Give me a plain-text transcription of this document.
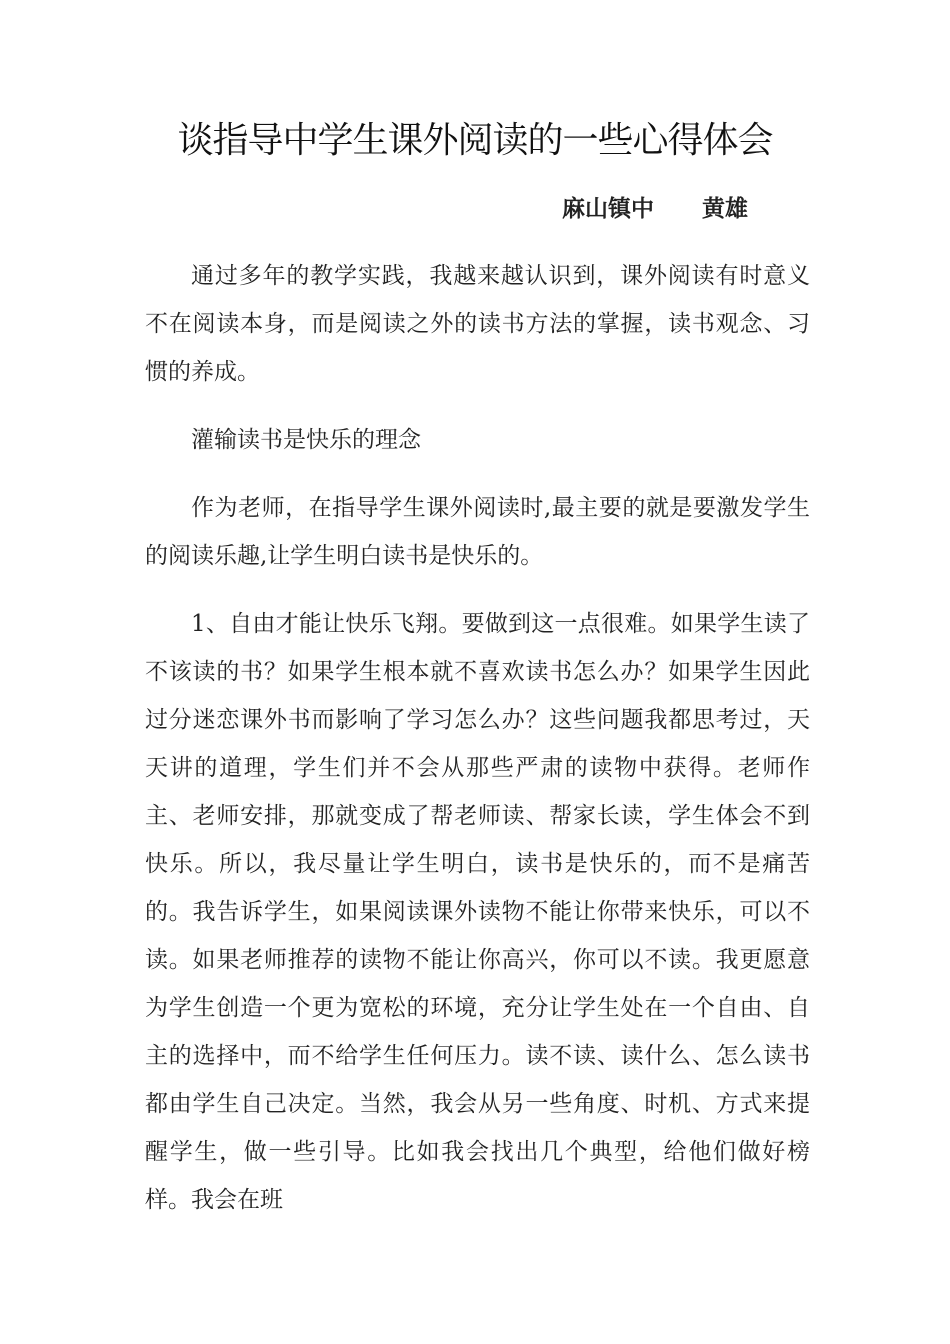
谈指导中学生课外阅读的一些心得体会
麻山镇中 黄雄

通过多年的教学实践，我越来越认识到，课外阅读有时意义不在阅读本身，而是阅读之外的读书方法的掌握，读书观念、习惯的养成。

灌输读书是快乐的理念

作为老师，在指导学生课外阅读时,最主要的就是要激发学生的阅读乐趣,让学生明白读书是快乐的。

1、自由才能让快乐飞翔。要做到这一点很难。如果学生读了不该读的书？如果学生根本就不喜欢读书怎么办？如果学生因此过分迷恋课外书而影响了学习怎么办？这些问题我都思考过，天天讲的道理，学生们并不会从那些严肃的读物中获得。老师作主、老师安排，那就变成了帮老师读、帮家长读，学生体会不到快乐。所以，我尽量让学生明白，读书是快乐的，而不是痛苦的。我告诉学生，如果阅读课外读物不能让你带来快乐，可以不读。如果老师推荐的读物不能让你高兴，你可以不读。我更愿意为学生创造一个更为宽松的环境，充分让学生处在一个自由、自主的选择中，而不给学生任何压力。读不读、读什么、怎么读书都由学生自己决定。当然，我会从另一些角度、时机、方式来提醒学生，做一些引导。比如我会找出几个典型，给他们做好榜样。我会在班
